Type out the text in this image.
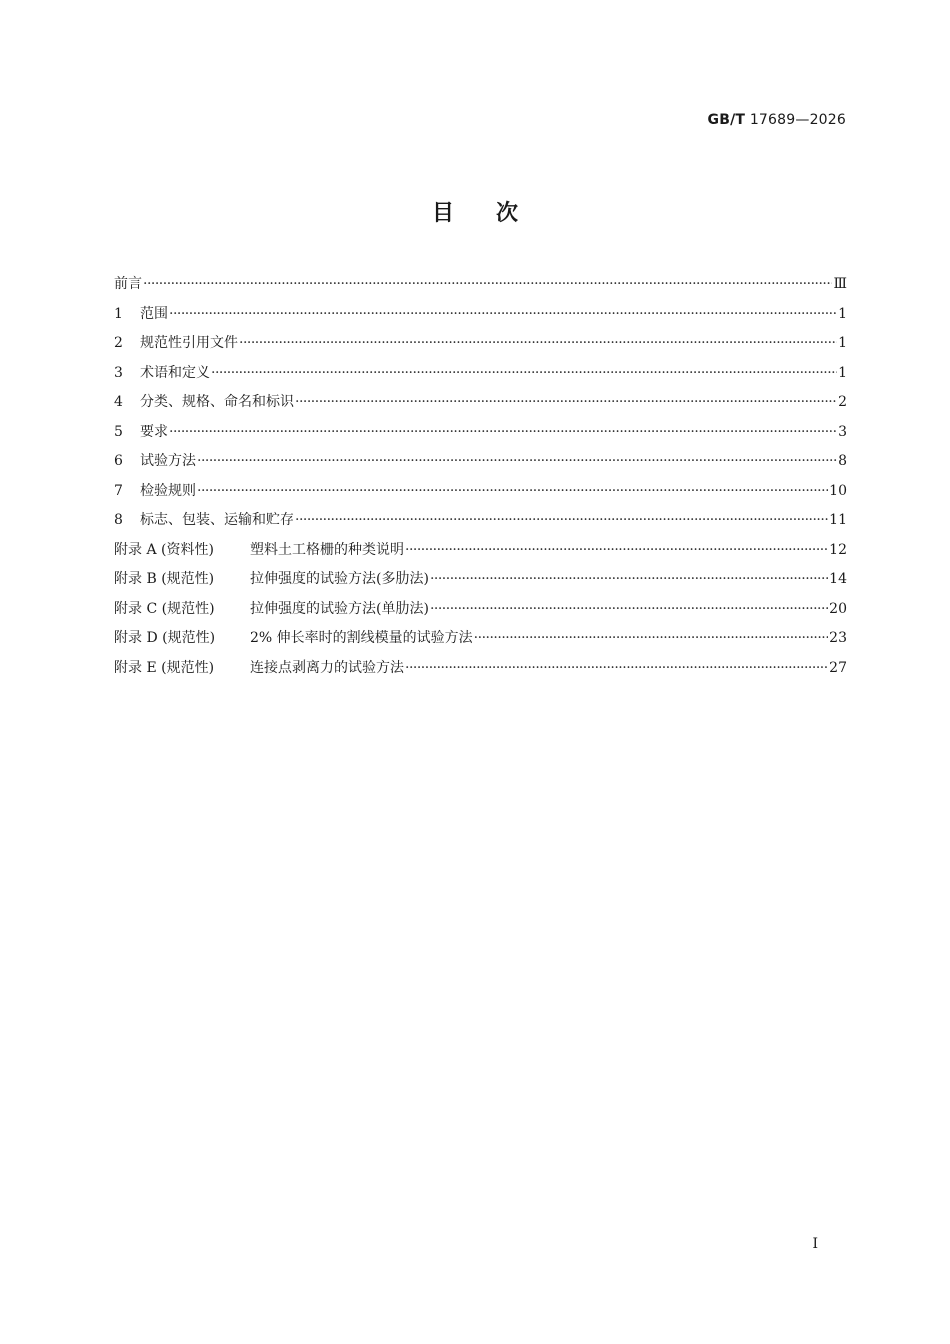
GB/T 17689—2026
目次
前言 ·····	Ⅲ
1	范围 ·····	1
2	规范性引用文件 ·····	1
3	术语和定义 ·····	1
4	分类、规格、命名和标识 ·····	2
5	要求 ·····	3
6	试验方法 ·····	8
7	检验规则 ·····	10
8	标志、包装、运输和贮存 ·····	11
附录 A (资料性)	塑料土工格栅的种类说明 ·····	12
附录 B (规范性)	拉伸强度的试验方法(多肋法) ·····	14
附录 C (规范性)	拉伸强度的试验方法(单肋法) ·····	20
附录 D (规范性)	2% 伸长率时的割线模量的试验方法 ·····	23
附录 E (规范性)	连接点剥离力的试验方法 ·····	27
I
